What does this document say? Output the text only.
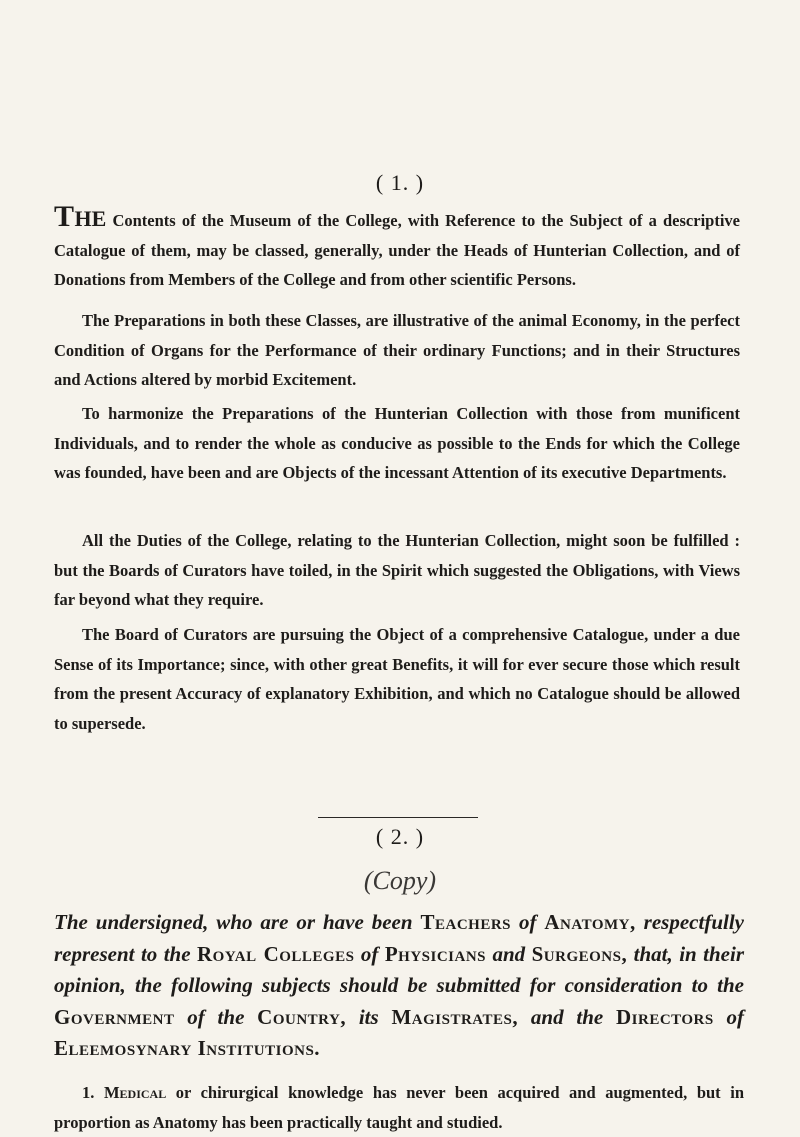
( 1. )

THE Contents of the Museum of the College, with Reference to the Subject of a descriptive Catalogue of them, may be classed, generally, under the Heads of Hunterian Collection, and of Donations from Members of the College and from other scientific Persons.

The Preparations in both these Classes, are illustrative of the animal Economy, in the perfect Condition of Organs for the Performance of their ordinary Functions; and in their Structures and Actions altered by morbid Excitement.

To harmonize the Preparations of the Hunterian Collection with those from munificent Individuals, and to render the whole as conducive as possible to the Ends for which the College was founded, have been and are Objects of the incessant Attention of its executive Departments.

All the Duties of the College, relating to the Hunterian Collection, might soon be fulfilled : but the Boards of Curators have toiled, in the Spirit which suggested the Obligations, with Views far beyond what they require.

The Board of Curators are pursuing the Object of a comprehensive Catalogue, under a due Sense of its Importance; since, with other great Benefits, it will for ever secure those which result from the present Accuracy of explanatory Exhibition, and which no Catalogue should be allowed to supersede.

( 2. )
(Copy)

The undersigned, who are or have been Teachers of Anatomy, respectfully represent to the Royal Colleges of Physicians and Surgeons, that, in their opinion, the following subjects should be submitted for consideration to the Government of the Country, its Magistrates, and the Directors of Eleemosynary Institutions.

1. Medical or chirurgical knowledge has never been acquired and augmented, but in proportion as Anatomy has been practically taught and studied.
